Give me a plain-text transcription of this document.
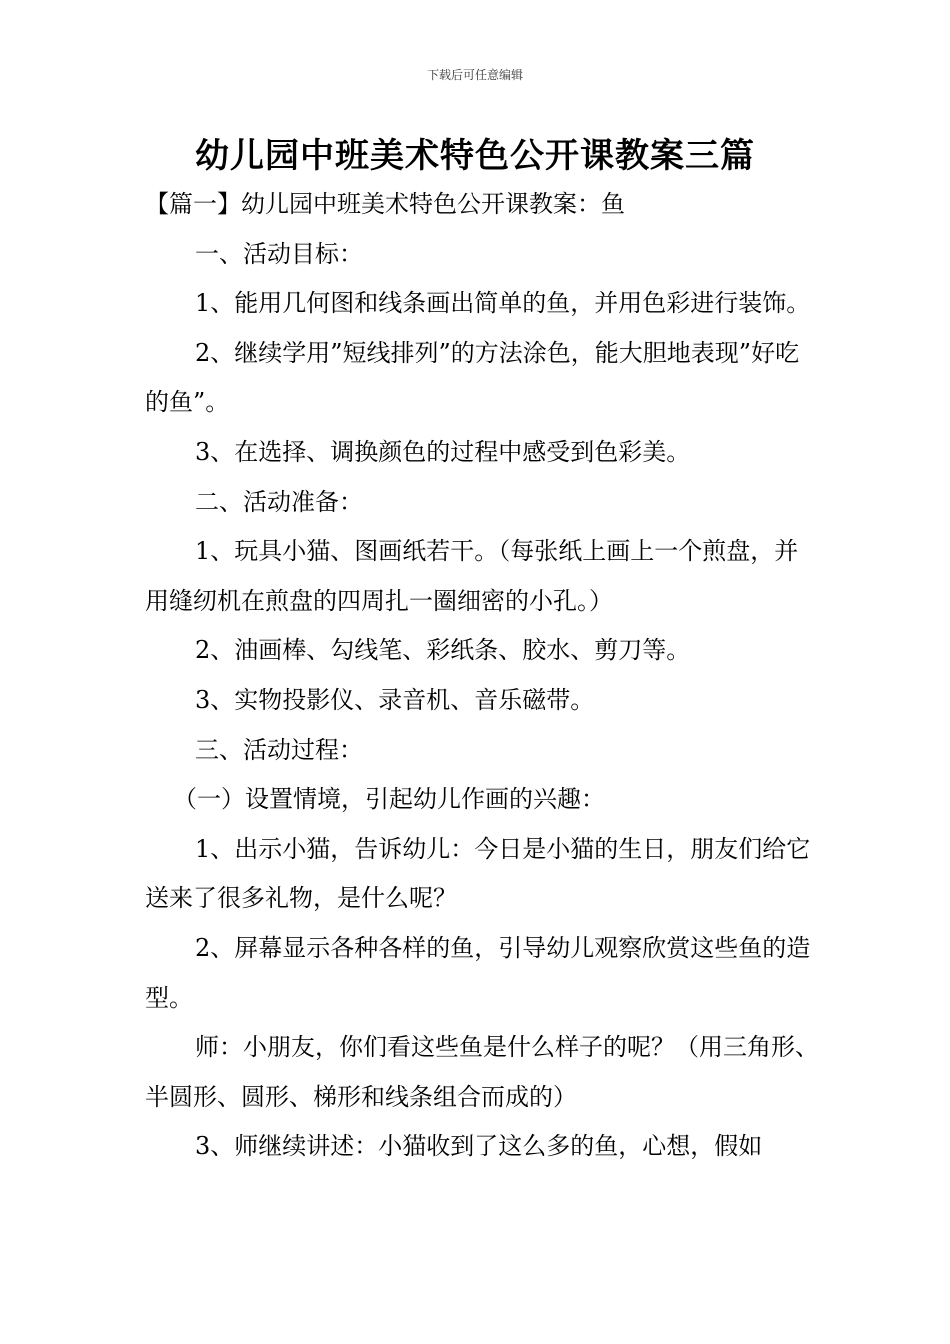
下载后可任意编辑
幼儿园中班美术特色公开课教案三篇

【篇一】幼儿园中班美术特色公开课教案：鱼

一、活动目标：

1、能用几何图和线条画出简单的鱼，并用色彩进行装饰。

2、继续学用”短线排列”的方法涂色，能大胆地表现”好吃的鱼”。

3、在选择、调换颜色的过程中感受到色彩美。

二、活动准备：

1、玩具小猫、图画纸若干。（每张纸上画上一个煎盘，并用缝纫机在煎盘的四周扎一圈细密的小孔。）

2、油画棒、勾线笔、彩纸条、胶水、剪刀等。

3、实物投影仪、录音机、音乐磁带。

三、活动过程：

（一）设置情境，引起幼儿作画的兴趣：

1、出示小猫，告诉幼儿：今日是小猫的生日，朋友们给它送来了很多礼物，是什么呢？

2、屏幕显示各种各样的鱼，引导幼儿观察欣赏这些鱼的造型。

师：小朋友，你们看这些鱼是什么样子的呢？（用三角形、半圆形、圆形、梯形和线条组合而成的）

3、师继续讲述：小猫收到了这么多的鱼，心想，假如
